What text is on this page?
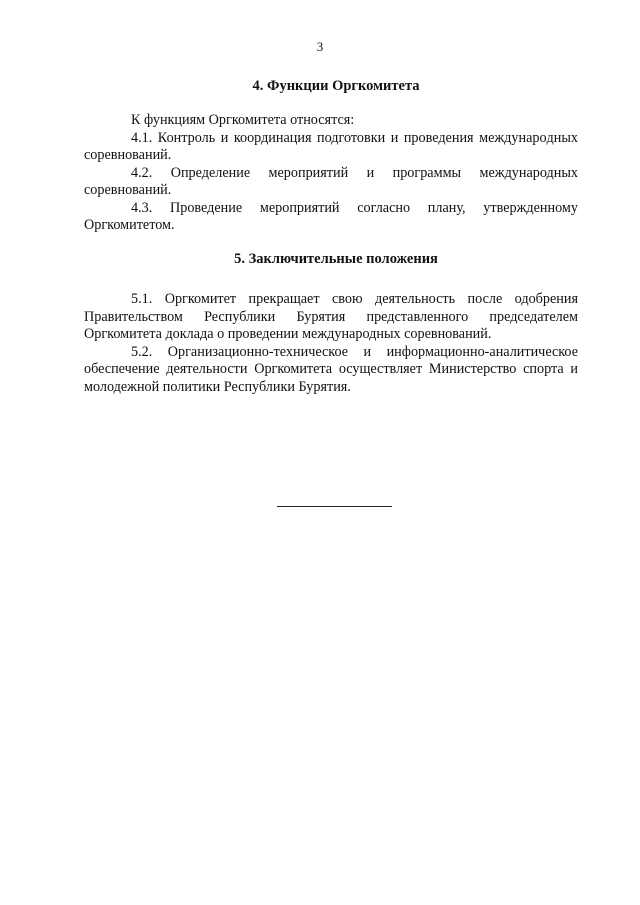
3
4. Функции Оргкомитета

К функциям Оргкомитета относятся:

4.1. Контроль и координация подготовки и проведения междунарoдных соревнований.

4.2. Определение мероприятий и программы международных соревнований.

4.3. Проведение мероприятий согласно плану, утвержденному Оргкомитетом.

5. Заключительные положения

5.1. Оргкомитет прекращает свою деятельность после одобрения Правительством Республики Бурятия представленного председателем Оргкомитета доклада о проведении международных соревнований.

5.2. Организационно-техническое и информационно-аналитическое обеспечение деятельности Оргкомитета осуществляет Министерство спорта и молодежной политики Республики Бурятия.
